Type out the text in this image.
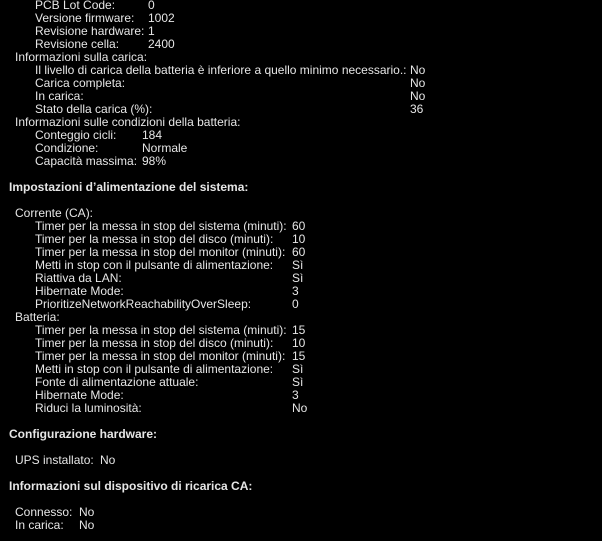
PCB Lot Code:	0
Versione firmware: 1002
Revisione hardware: 1
Revisione cella: 2400
Informazioni sulla carica:
Il livello di carica della batteria è inferiore a quello minimo necessario.: No
Carica completa:	No
In carica:	No
Stato della carica (%):	36
Informazioni sulle condizioni della batteria:
Conteggio cicli: 184
Condizione:	Normale
Capacità massima: 98%
Impostazioni d’alimentazione del sistema:
Corrente (CA):
Timer per la messa in stop del sistema (minuti): 60
Timer per la messa in stop del disco (minuti): 10
Timer per la messa in stop del monitor (minuti): 60
Metti in stop con il pulsante di alimentazione: Sì
Riattiva da LAN:	Sì
Hibernate Mode:	3
PrioritizeNetworkReachabilityOverSleep:	0
Batteria:
Timer per la messa in stop del sistema (minuti): 15
Timer per la messa in stop del disco (minuti): 10
Timer per la messa in stop del monitor (minuti): 15
Metti in stop con il pulsante di alimentazione: Sì
Fonte di alimentazione attuale:	Sì
Hibernate Mode:	3
Riduci la luminosità:	No
Configurazione hardware:
UPS installato: No
Informazioni sul dispositivo di ricarica CA:
Connesso: No
In carica: No
